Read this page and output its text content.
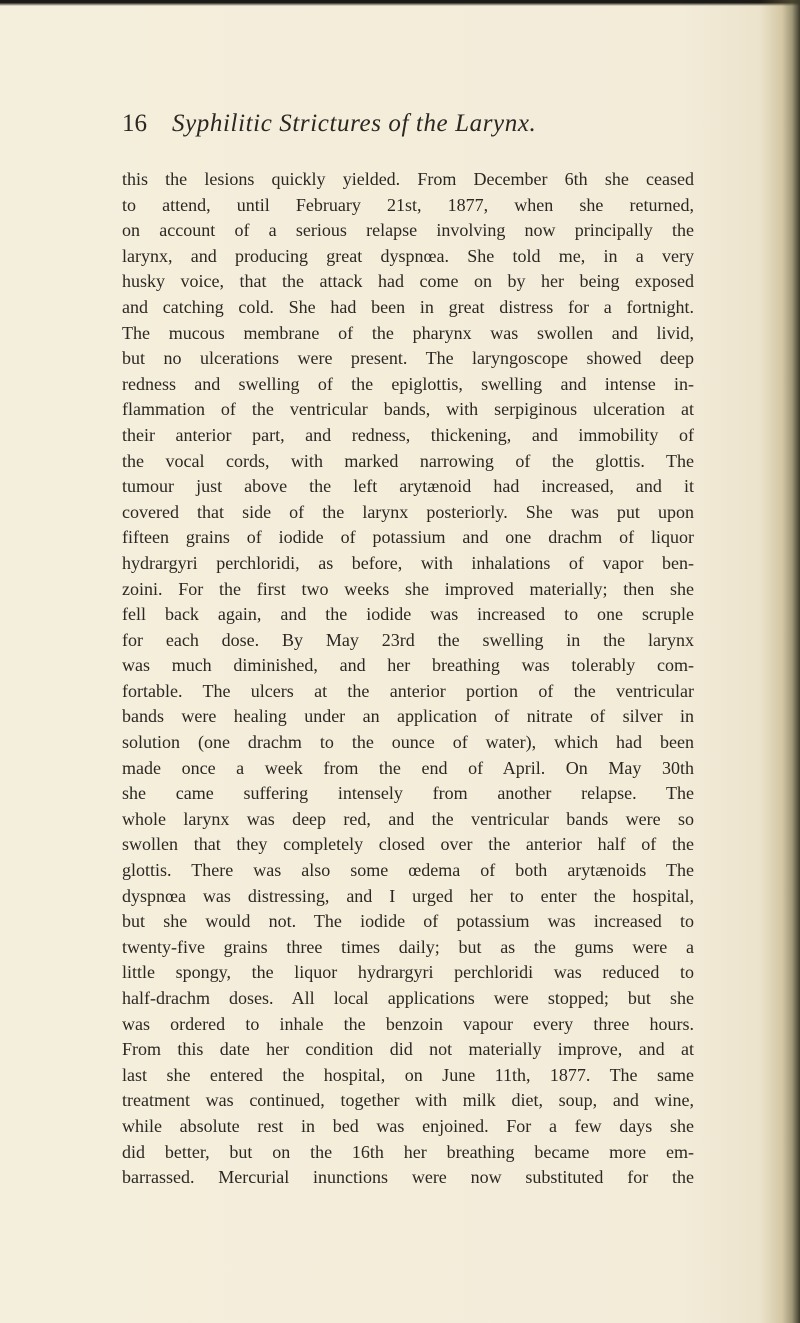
16 Syphilitic Strictures of the Larynx.
this the lesions quickly yielded. From December 6th she ceased
to attend, until February 21st, 1877, when she returned,
on account of a serious relapse involving now principally the
larynx, and producing great dyspnœa. She told me, in a very
husky voice, that the attack had come on by her being exposed
and catching cold. She had been in great distress for a fortnight.
The mucous membrane of the pharynx was swollen and livid,
but no ulcerations were present. The laryngoscope showed deep
redness and swelling of the epiglottis, swelling and intense in-
flammation of the ventricular bands, with serpiginous ulceration at
their anterior part, and redness, thickening, and immobility of
the vocal cords, with marked narrowing of the glottis. The
tumour just above the left arytænoid had increased, and it
covered that side of the larynx posteriorly. She was put upon
fifteen grains of iodide of potassium and one drachm of liquor
hydrargyri perchloridi, as before, with inhalations of vapor ben-
zoini. For the first two weeks she improved materially; then she
fell back again, and the iodide was increased to one scruple
for each dose. By May 23rd the swelling in the larynx
was much diminished, and her breathing was tolerably com-
fortable. The ulcers at the anterior portion of the ventricular
bands were healing under an application of nitrate of silver in
solution (one drachm to the ounce of water), which had been
made once a week from the end of April. On May 30th
she came suffering intensely from another relapse. The
whole larynx was deep red, and the ventricular bands were so
swollen that they completely closed over the anterior half of the
glottis. There was also some œdema of both arytænoids The
dyspnœa was distressing, and I urged her to enter the hospital,
but she would not. The iodide of potassium was increased to
twenty-five grains three times daily; but as the gums were a
little spongy, the liquor hydrargyri perchloridi was reduced to
half-drachm doses. All local applications were stopped; but she
was ordered to inhale the benzoin vapour every three hours.
From this date her condition did not materially improve, and at
last she entered the hospital, on June 11th, 1877. The same
treatment was continued, together with milk diet, soup, and wine,
while absolute rest in bed was enjoined. For a few days she
did better, but on the 16th her breathing became more em-
barrassed. Mercurial inunctions were now substituted for the
